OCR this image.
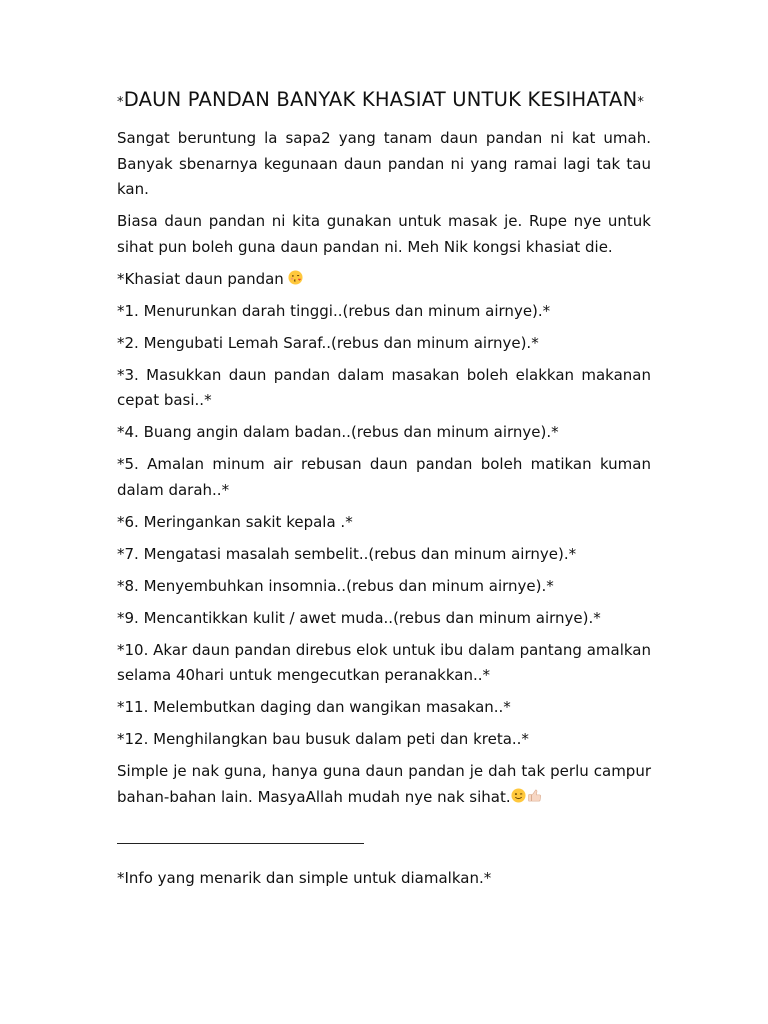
*DAUN PANDAN BANYAK KHASIAT UNTUK KESIHATAN*

Sangat beruntung la sapa2 yang tanam daun pandan ni kat umah. Banyak sbenarnya kegunaan daun pandan ni yang ramai lagi tak tau kan.

Biasa daun pandan ni kita gunakan untuk masak je. Rupe nye untuk sihat pun boleh guna daun pandan ni. Meh Nik kongsi khasiat die.

*Khasiat daun pandan

*1. Menurunkan darah tinggi..(rebus dan minum airnye).*

*2. Mengubati Lemah Saraf..(rebus dan minum airnye).*

*3. Masukkan daun pandan dalam masakan boleh elakkan makanan cepat basi..*

*4. Buang angin dalam badan..(rebus dan minum airnye).*

*5. Amalan minum air rebusan daun pandan boleh matikan kuman dalam darah..*

*6. Meringankan sakit kepala .*

*7. Mengatasi masalah sembelit..(rebus dan minum airnye).*

*8. Menyembuhkan insomnia..(rebus dan minum airnye).*

*9. Mencantikkan kulit / awet muda..(rebus dan minum airnye).*

*10. Akar daun pandan direbus elok untuk ibu dalam pantang amalkan selama 40hari untuk mengecutkan peranakkan..*

*11. Melembutkan daging dan wangikan masakan..*

*12. Menghilangkan bau busuk dalam peti dan kreta..*

Simple je nak guna, hanya guna daun pandan je dah tak perlu campur bahan-bahan lain. MasyaAllah mudah nye nak sihat.

*Info yang menarik dan simple untuk diamalkan.*
